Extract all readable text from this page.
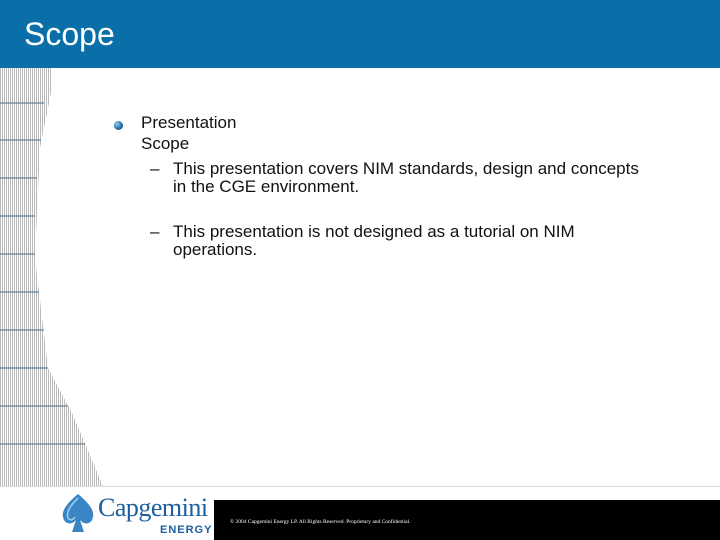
Scope
Presentation Scope
– This presentation covers NIM standards, design and concepts in the CGE environment.
– This presentation is not designed as a tutorial on NIM operations.
Capgemini
ENERGY
© 2004 Capgemini Energy LP. All Rights Reserved. Proprietary and Confidential.
